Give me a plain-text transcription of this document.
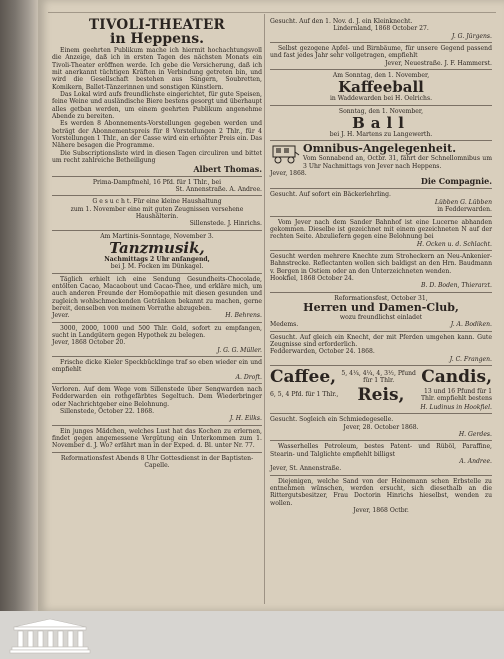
TIVOLI-THEATER
in Heppens.
Einem geehrten Publikum mache ich hiermit hochachtungsvoll die Anzeige, daß ich in ersten Tagen des nächsten Monats ein Tivoli-Theater eröffnen werde. Ich gebe die Versicherung, daß ich mit anerkannt tüchtigen Kräften in Verbindung getreten bin, und wird die Gesellschaft bestehen aus Sängern, Soubretten, Komikern, Ballet-Tänzerinnen und sonstigen Künstlern.
Das Lokal wird aufs freundlichste eingerichtet, für gute Speisen, feine Weine und ausländische Biere bestens gesorgt und überhaupt alles getban werden, um einem geehrten Publikum angenehme Abende zu bereiten.
Es werden 8 Abonnements-Vorstellungen gegeben werden und beträgt der Abonnementspreis für 8 Vorstellungen 2 Thlr., für 4 Vorstellungen 1 Thlr., an der Casse wird ein erhöhter Preis ein. Das Nähere besagen die Programme.
Die Subscriptionsliste wird in diesen Tagen circuliren und bittet um recht zahlreiche Betheiligung
Albert Thomas.
Prima-Dampfmehl, 16 Pfd. für 1 Thlr., bei
St. Annenstraße. A. Andree.
G e s u c h t. Für eine kleine Haushaltung
zum 1. November eine mit guten Zeugnissen versehene
Haushälterin.
Sillenstede. J. Hinrichs.
Am Martinis-Sonntage, November 3.
Tanzmusik,
Nachmittags 2 Uhr anfangend,
bei J. M. Focken im Dünkagel.
Täglich erhielt ich eine Sendung Gesundheits-Chocolade, entölten Cacao, Macaobout und Cacao-Thee, und erkläre mich, um auch anderen Freunde der Homöopathie mit diesen gesunden und zugleich wohlschmeckenden Getränken bekannt zu machen, gerne bereit, denselben von meinem Vorrathe abzugeben.
Jever.	H. Behrens.
3000, 2000, 1000 und 500 Thlr. Gold, sofort zu empfangen, sucht in Landgütern gegen Hypothek zu belegen.
Jever, 1868 October 20.
J. G. G. Müller.
Frische dicke Kieler Speckbücklinge traf so eben wieder ein und empfiehlt
A. Droft.
Verloren. Auf dem Wege vom Sillenstede über Sengwarden nach Fedderwarden ein rothgefärbtes Segeltuch. Dem Wiederbringer oder Nachrichtgeber eine Belohnung.
Sillenstede, October 22. 1868.
J. H. Eilks.
Ein junges Mädchen, welches Lust hat das Kochen zu erlernen, findet gegen angemessene Vergütung ein Unterkommen zum 1. November d. J. Wo? erfährt man in der Exped. d. Bl. unter Nr. 77.
Reformationsfest Abends 8 Uhr Gottesdienst in der Baptisten-Capelle.
Gesucht. Auf den 1. Nov. d. J. ein Kleinknecht.
Lindernland, 1868 October 27.
J. G. Jürgens.
Selbst gezogene Apfel- und Birnbäume, für unsere Gegend passend und fast jedes Jahr sehr vollgetragen, empfiehlt
Jever, Neuestraße. J. F. Hammerst.
Am Sonntag, den 1. November,
Kaffeeball
in Waddewarden bei H. Oelrichs.
Sonntag, den 1. November,
Ball
bei J. H. Martens zu Langewerth.
Omnibus-Angelegenheit.
Vom Sonnabend an, Octbr. 31, fährt der Schnellomnibus um 3 Uhr Nachmittags von Jever nach Heppens.
Jever, 1868.
Die Compagnie.
Gesucht. Auf sofort ein Bäckerlehrling.
Lübben G. Lübben
in Fedderwarden.
Vom Jever nach dem Sander Bahnhof ist eine Lucerne abhanden gekommen. Dieselbe ist gezeichnet mit einem gezeichneten N auf der rechten Seite. Abzuliefern gegen eine Belohnung bei
H. Ocken u. d. Schlacht.
Gesucht werden mehrere Knechte zum Stroheckern an Neu-Ankenier-Bahnstrecke. Reflectanten wollen sich baldigst an den Hrn. Baudmann v. Bergen in Ostiem oder an den Unterzeichneten wenden.
Hookfiel, 1868 October 24.
B. D. Boden, Thierarzt.
Reformationsfest, October 31,
Herren und Damen-Club,
wozu freundlichst einladet
Medems.	J. A. Bodiken.
Gesucht. Auf gleich ein Knecht, der mit Pferden umgehen kann. Gute Zeugnisse sind erforderlich.
Fedderwarden, October 24. 1868.
J. C. Frangen.
Caffee, 5, 4¼, 4¼, 4, 3½, Pfund für 1 Thlr.	Candis,
6, 5, 4 Pfd. für 1 Thlr.,	Reis,	13 und 16 Pfund für 1 Thlr. empfiehlt bestens
H. Ludinus in Hookfiel.
Gesucht. Sogleich ein Schmiedegeselle.
Jever, 28. October 1868.
H. Gerdes.
Wasserhelles Petroleum, bestes Patent- und Rüböl, Paraffine, Stearin- und Talglichte empfiehlt billigst
A. Andree.
Jever, St. Annenstraße.
Diejenigen, welche Sand von der Heinemann schen Erbstelle zu entnehmen wünschen, werden ersucht, sich diesethalb an die Rittergutsbesitzer, Frau Doctorin Hinrichs hieselbst, wenden zu wollen.
Jever, 1868 Octbr.
